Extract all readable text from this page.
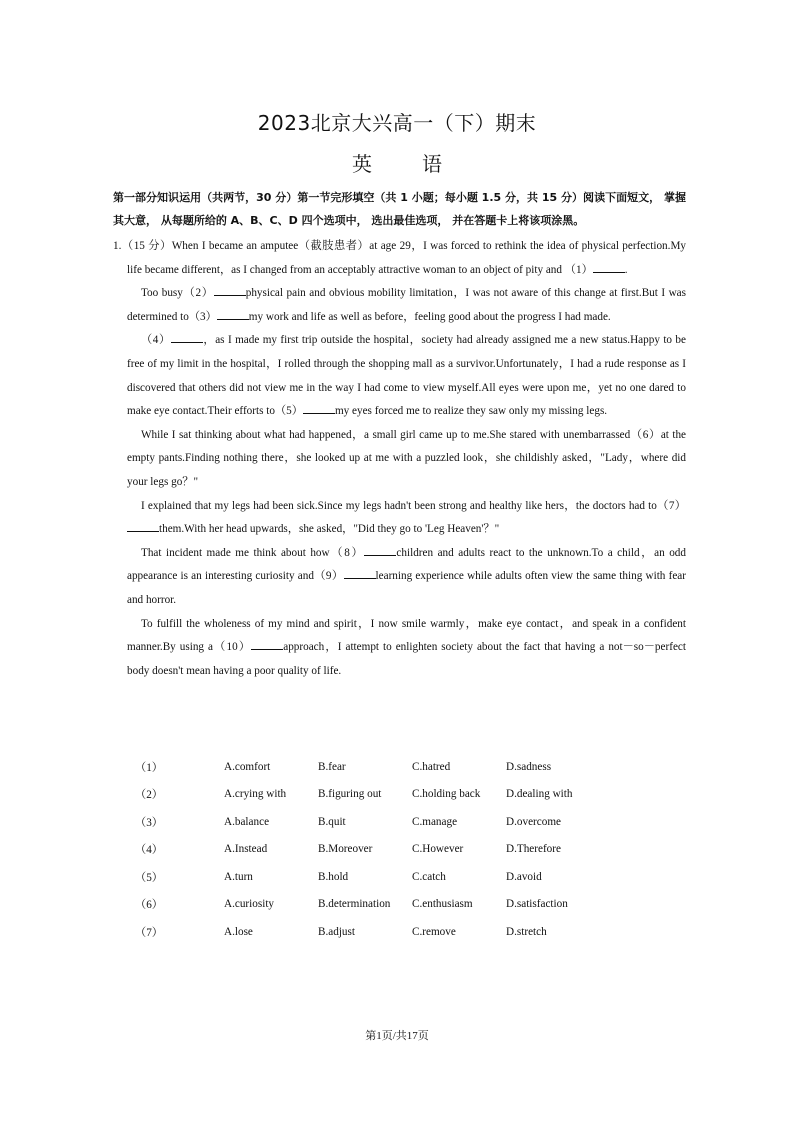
2023北京大兴高一（下）期末
英	语
第一部分知识运用（共两节，30 分）第一节完形填空（共 1 小题；每小题 1.5 分，共 15 分）阅读下面短文， 掌握其大意， 从每题所给的 A、B、C、D 四个选项中， 选出最佳选项， 并在答题卡上将该项涂黑。

1.（15 分）When I became an amputee（截肢患者）at age 29，I was forced to rethink the idea of physical perfection.My life became different，as I changed from an acceptably attractive woman to an object of pity and （1）	.

Too busy（2）	physical pain and obvious mobility limitation，I was not aware of this change at first.But I was determined to（3）	my work and life as well as before，feeling good about the progress I had made.

（4）	，as I made my first trip outside the hospital，society had already assigned me a new status.Happy to be free of my limit in the hospital，I rolled through the shopping mall as a survivor.Unfortunately，I had a rude response as I discovered that others did not view me in the way I had come to view myself.All eyes were upon me，yet no one dared to make eye contact.Their efforts to（5）	my eyes forced me to realize they saw only my missing legs.

While I sat thinking about what had happened，a small girl came up to me.She stared with unembarrassed（6）at the empty pants.Finding nothing there，she looked up at me with a puzzled look，she childishly asked，"Lady，where did your legs go？"

I explained that my legs had been sick.Since my legs hadn't been strong and healthy like hers，the doctors had to（7）them.With her head upwards，she asked，"Did they go to 'Leg Heaven'？"

That incident made me think about how（8）	children and adults react to the unknown.To a child，an odd appearance is an interesting curiosity and（9）	learning experience while adults often view the same thing with fear and horror.

To fulfill the wholeness of my mind and spirit，I now smile warmly，make eye contact，and speak in a confident manner.By using a（10）	approach，I attempt to enlighten society about the fact that having a not－so－perfect body doesn't mean having a poor quality of life.

（1）	A.comfort	B.fear	C.hatred	D.sadness
（2）	A.crying with	B.figuring out	C.holding back	D.dealing with
（3）	A.balance	B.quit	C.manage	D.overcome
（4）	A.Instead	B.Moreover	C.However	D.Therefore
（5）	A.turn	B.hold	C.catch	D.avoid
（6）	A.curiosity	B.determination	C.enthusiasm	D.satisfaction
（7）	A.lose	B.adjust	C.remove	D.stretch
第1页/共17页
